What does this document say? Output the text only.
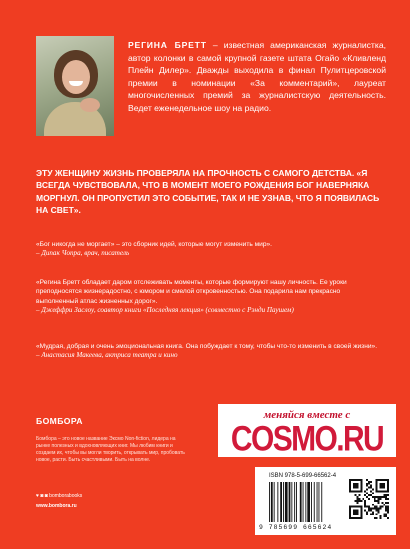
РЕГИНА БРЕТТ – известная американская журналистка, автор колонки в самой крупной газете штата Огайо «Кливленд Плейн Дилер». Дважды выходила в финал Пулитцеровской премии в номинации «За комментарий», лауреат многочисленных премий за журналистскую деятельность. Ведет еженедельное шоу на радио.

ЭТУ ЖЕНЩИНУ ЖИЗНЬ ПРОВЕРЯЛА НА ПРОЧНОСТЬ С САМОГО ДЕТСТВА. «Я ВСЕГДА ЧУВСТВОВАЛА, ЧТО В МОМЕНТ МОЕГО РОЖДЕНИЯ БОГ НАВЕРНЯКА МОРГНУЛ. ОН ПРОПУСТИЛ ЭТО СОБЫТИЕ, ТАК И НЕ УЗНАВ, ЧТО Я ПОЯВИЛАСЬ НА СВЕТ».

«Бог никогда не моргает» – это сборник идей, которые могут изменить мир».
– Дипак Чопра, врач, писатель

«Регина Бретт обладает даром отслеживать моменты, которые формируют нашу личность. Ее уроки преподносятся жизнерадостно, с юмором и смелой откровенностью. Она подарила нам прекрасно выполненный атлас жизненных дорог».
– Джеффри Заслоу, соавтор книги «Последняя лекция» (совместно с Рэнди Паушем)

«Мудрая, добрая и очень эмоциональная книга. Она побуждает к тому, чтобы что-то изменить в своей жизни».
– Анастасия Макеева, актриса театра и кино

БОМБОРА

Бомбора – это новое название Эксмо Non-fiction, лидера на рынке полезных и вдохновляющих книг. Мы любим книги и создаем их, чтобы вы могли творить, открывать мир, пробовать новое, расти. Быть счастливыми. Быть на волне.

♥ ◙ ◙ bomborabooks

www.bombora.ru

меняйся вместе с

COSMO.RU

ISBN 978-5-699-66562-4

9 785699 665624
